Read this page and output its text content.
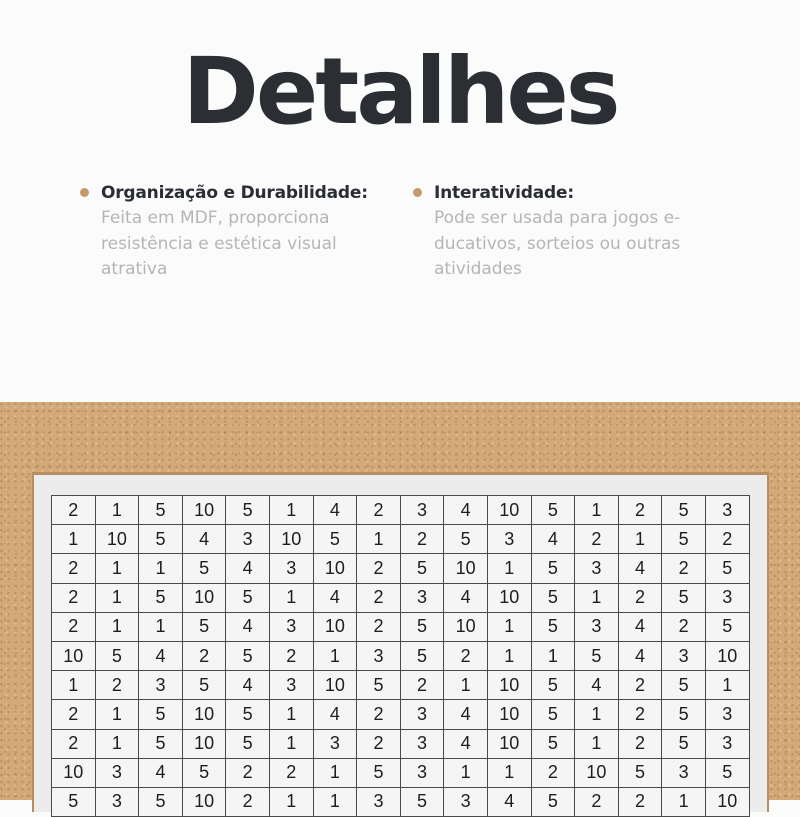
Detalhes
Organização e Durabilidade:
Feita em MDF, proporciona
resistência e estética visual
atrativa
Interatividade:
Pode ser usada para jogos e-
ducativos, sorteios ou outras
atividades
2	1	5	10	5	1	4	2	3	4	10	5	1	2	5	3
1	10	5	4	3	10	5	1	2	5	3	4	2	1	5	2
2	1	1	5	4	3	10	2	5	10	1	5	3	4	2	5
2	1	5	10	5	1	4	2	3	4	10	5	1	2	5	3
2	1	1	5	4	3	10	2	5	10	1	5	3	4	2	5
10	5	4	2	5	2	1	3	5	2	1	1	5	4	3	10
1	2	3	5	4	3	10	5	2	1	10	5	4	2	5	1
2	1	5	10	5	1	4	2	3	4	10	5	1	2	5	3
2	1	5	10	5	1	3	2	3	4	10	5	1	2	5	3
10	3	4	5	2	2	1	5	3	1	1	2	10	5	3	5
5	3	5	10	2	1	1	3	5	3	4	5	2	2	1	10
